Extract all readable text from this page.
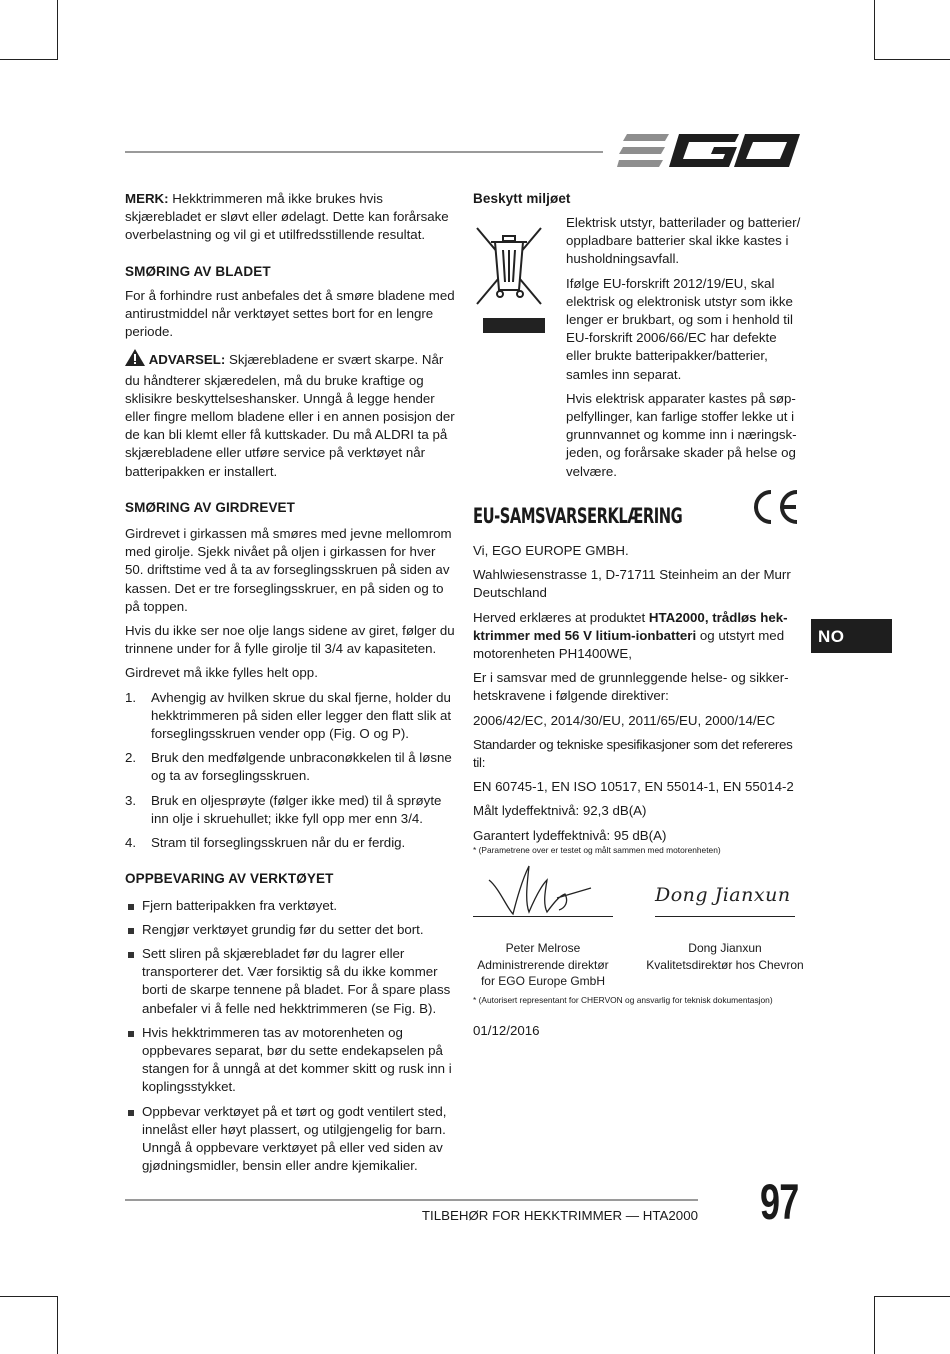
MERK: Hekktrimmeren må ikke brukes hvis skjærebladet er sløvt eller ødelagt. Dette kan forårsake overbelastning og vil gi et utilfredsstillende resultat.

SMØRING AV BLADET

For å forhindre rust anbefales det å smøre bladene med antirustmiddel når verktøyet settes bort for en lengre periode.

ADVARSEL: Skjærebladene er svært skarpe. Når du håndterer skjæredelen, må du bruke kraftige og sklisikre beskyttelseshansker. Unngå å legge hender eller fingre mellom bladene eller i en annen posisjon der de kan bli klemt eller få kuttskader. Du må ALDRI ta på skjærebladene eller utføre service på verktøyet når batteripakken er installert.

SMØRING AV GIRDREVET

Girdrevet i girkassen må smøres med jevne mellomrom med girolje. Sjekk nivået på oljen i girkassen for hver 50. driftstime ved å ta av forseglingsskruen på siden av kassen. Det er tre forseglingsskruer, en på siden og to på toppen.

Hvis du ikke ser noe olje langs sidene av giret, følger du trinnene under for å fylle girolje til 3/4 av kapasiteten.

Girdrevet må ikke fylles helt opp.

1. Avhengig av hvilken skrue du skal fjerne, holder du hekktrimmeren på siden eller legger den flatt slik at forseglingsskruen vender opp (Fig. O og P).
2. Bruk den medfølgende unbraconøkkelen til å løsne og ta av forseglingsskruen.
3. Bruk en oljesprøyte (følger ikke med) til å sprøyte inn olje i skruehullet; ikke fyll opp mer enn 3/4.
4. Stram til forseglingsskruen når du er ferdig.

OPPBEVARING AV VERKTØYET

Fjern batteripakken fra verktøyet.
Rengjør verktøyet grundig før du setter det bort.
Sett sliren på skjærebladet før du lagrer eller transporterer det. Vær forsiktig så du ikke kommer borti de skarpe tennene på bladet. For å spare plass anbefaler vi å felle ned hekktrimmeren (se Fig. B).
Hvis hekktrimmeren tas av motorenheten og oppbevares separat, bør du sette endekapselen på stangen for å unngå at det kommer skitt og rusk inn i koplingsstykket.
Oppbevar verktøyet på et tørt og godt ventilert sted, innelåst eller høyt plassert, og utilgjengelig for barn. Unngå å oppbevare verktøyet på eller ved siden av gjødningsmidler, bensin eller andre kjemikalier.

Beskytt miljøet

Elektrisk utstyr, batterilader og batterier/ oppladbare batterier skal ikke kastes i husholdningsavfall.

Ifølge EU-forskrift 2012/19/EU, skal elektrisk og elektronisk utstyr som ikke lenger er brukbart, og som i henhold til EU-forskrift 2006/66/EC har defekte eller brukte batteripakker/batterier, samles inn separat.

Hvis elektrisk apparater kastes på søp-pelfyllinger, kan farlige stoffer lekke ut i grunnvannet og komme inn i næringsk-jeden, og forårsake skader på helse og velvære.

EU-SAMSVARSERKLÆRING

Vi, EGO EUROPE GMBH.

Wahlwiesenstrasse 1, D-71711 Steinheim an der Murr Deutschland

Herved erklæres at produktet HTA2000, trådløs hek-ktrimmer med 56 V litium-ionbatteri og utstyrt med motorenheten PH1400WE,

Er i samsvar med de grunnleggende helse- og sikker-hetskravene i følgende direktiver:

2006/42/EC, 2014/30/EU, 2011/65/EU, 2000/14/EC

Standarder og tekniske spesifikasjoner som det refereres til:

EN 60745-1, EN ISO 10517, EN 55014-1, EN 55014-2

Målt lydeffektnivå: 92,3 dB(A)

Garantert lydeffektnivå: 95 dB(A)

* (Parametrene over er testet og målt sammen med motorenheten)
Dong Jianxun
Peter Melrose
Administrerende direktør
for EGO Europe GmbH
Dong Jianxun
Kvalitetsdirektør hos Chevron
* (Autorisert representant for CHERVON og ansvarlig for teknisk dokumentasjon)
01/12/2016
NO
TILBEHØR FOR HEKKTRIMMER — HTA2000 97
